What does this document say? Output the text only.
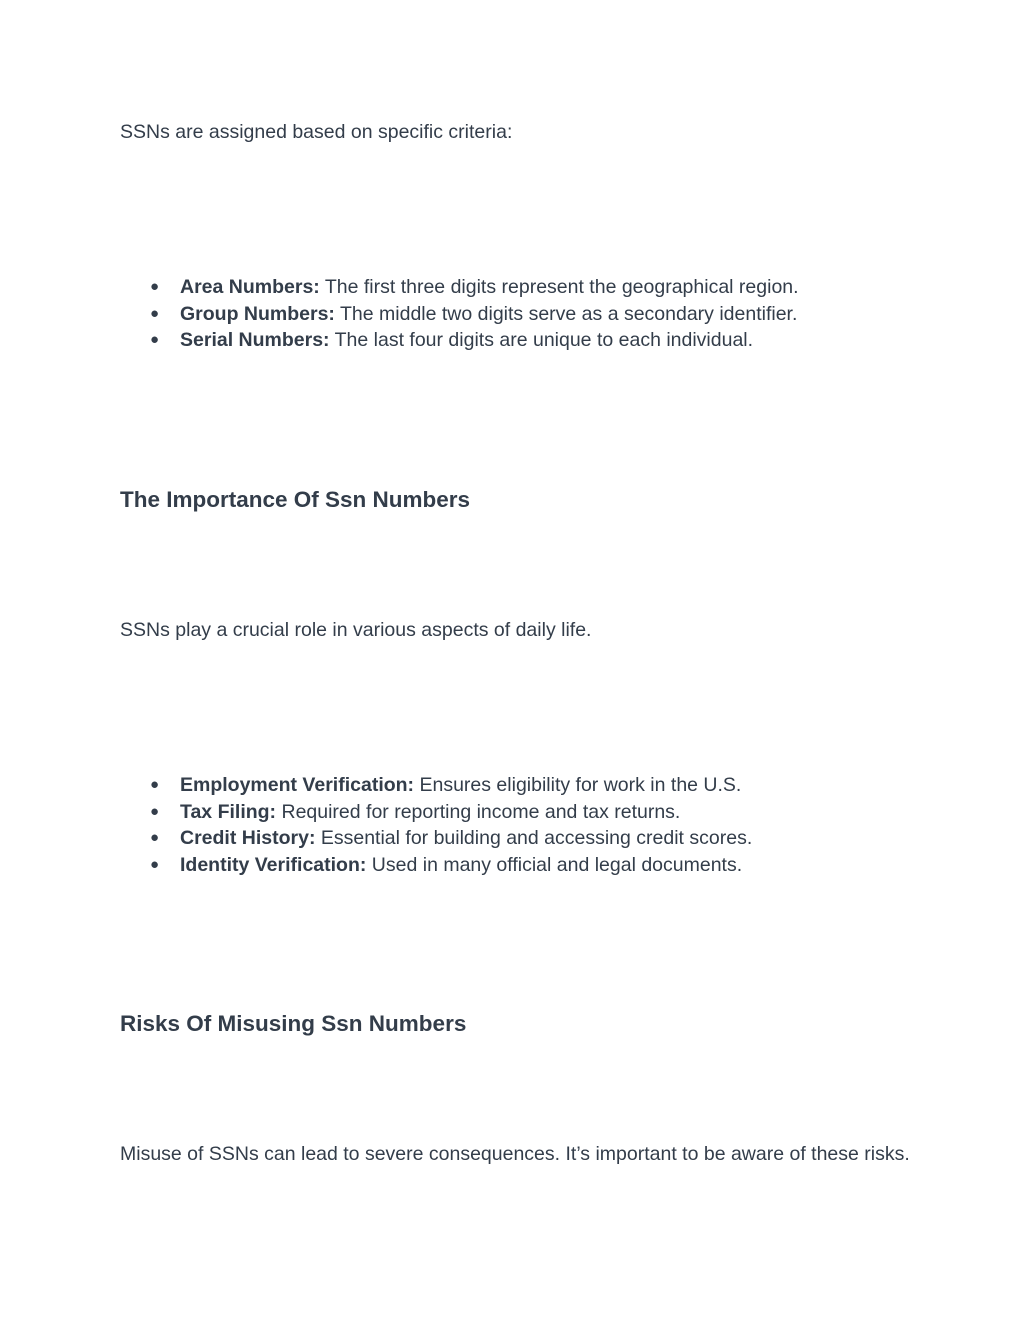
SSNs are assigned based on specific criteria:

● Area Numbers: The first three digits represent the geographical region.
● Group Numbers: The middle two digits serve as a secondary identifier.
● Serial Numbers: The last four digits are unique to each individual.
The Importance Of Ssn Numbers

SSNs play a crucial role in various aspects of daily life.

● Employment Verification: Ensures eligibility for work in the U.S.
● Tax Filing: Required for reporting income and tax returns.
● Credit History: Essential for building and accessing credit scores.
● Identity Verification: Used in many official and legal documents.
Risks Of Misusing Ssn Numbers

Misuse of SSNs can lead to severe consequences. It’s important to be aware of these risks.
